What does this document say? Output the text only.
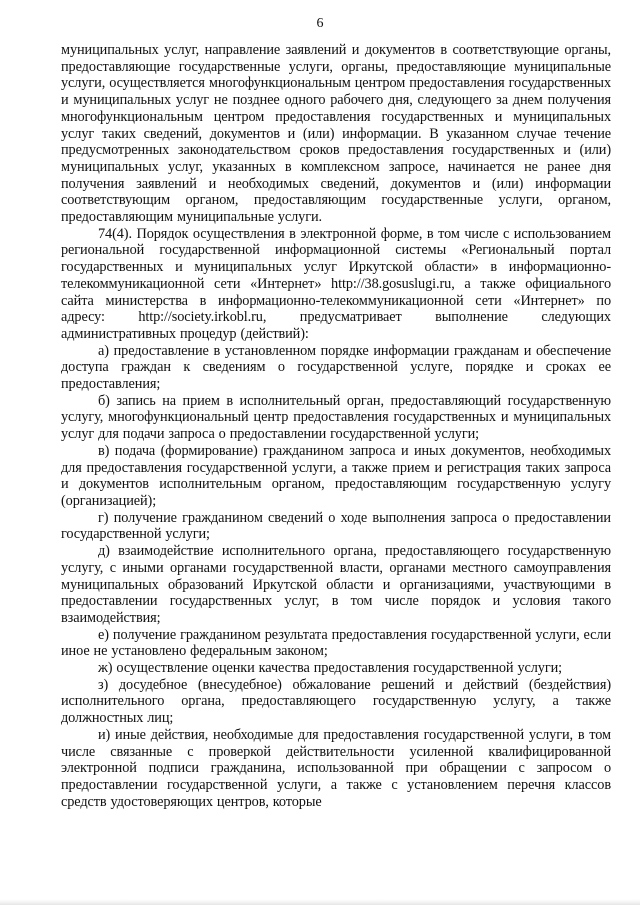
6

муниципальных услуг, направление заявлений и документов в соответствующие органы, предоставляющие государственные услуги, органы, предоставляющие муниципальные услуги, осуществляется многофункциональным центром предоставления государственных и муниципальных услуг не позднее одного рабочего дня, следующего за днем получения многофункциональным центром предоставления государственных и муниципальных услуг таких сведений, документов и (или) информации. В указанном случае течение предусмотренных законодательством сроков предоставления государственных и (или) муниципальных услуг, указанных в комплексном запросе, начинается не ранее дня получения заявлений и необходимых сведений, документов и (или) информации соответствующим органом, предоставляющим государственные услуги, органом, предоставляющим муниципальные услуги.

74(4). Порядок осуществления в электронной форме, в том числе с использованием региональной государственной информационной системы «Региональный портал государственных и муниципальных услуг Иркутской области» в информационно-телекоммуникационной сети «Интернет» http://38.gosuslugi.ru, а также официального сайта министерства в информационно-телекоммуникационной сети «Интернет» по адресу: http://society.irkobl.ru, предусматривает выполнение следующих административных процедур (действий):

а) предоставление в установленном порядке информации гражданам и обеспечение доступа граждан к сведениям о государственной услуге, порядке и сроках ее предоставления;

б) запись на прием в исполнительный орган, предоставляющий государственную услугу, многофункциональный центр предоставления государственных и муниципальных услуг для подачи запроса о предоставлении государственной услуги;

в) подача (формирование) гражданином запроса и иных документов, необходимых для предоставления государственной услуги, а также прием и регистрация таких запроса и документов исполнительным органом, предоставляющим государственную услугу (организацией);

г) получение гражданином сведений о ходе выполнения запроса о предоставлении государственной услуги;

д) взаимодействие исполнительного органа, предоставляющего государственную услугу, с иными органами государственной власти, органами местного самоуправления муниципальных образований Иркутской области и организациями, участвующими в предоставлении государственных услуг, в том числе порядок и условия такого взаимодействия;

е) получение гражданином результата предоставления государственной услуги, если иное не установлено федеральным законом;

ж) осуществление оценки качества предоставления государственной услуги;

з) досудебное (внесудебное) обжалование решений и действий (бездействия) исполнительного органа, предоставляющего государственную услугу, а также должностных лиц;

и) иные действия, необходимые для предоставления государственной услуги, в том числе связанные с проверкой действительности усиленной квалифицированной электронной подписи гражданина, использованной при обращении с запросом о предоставлении государственной услуги, а также с установлением перечня классов средств удостоверяющих центров, которые
